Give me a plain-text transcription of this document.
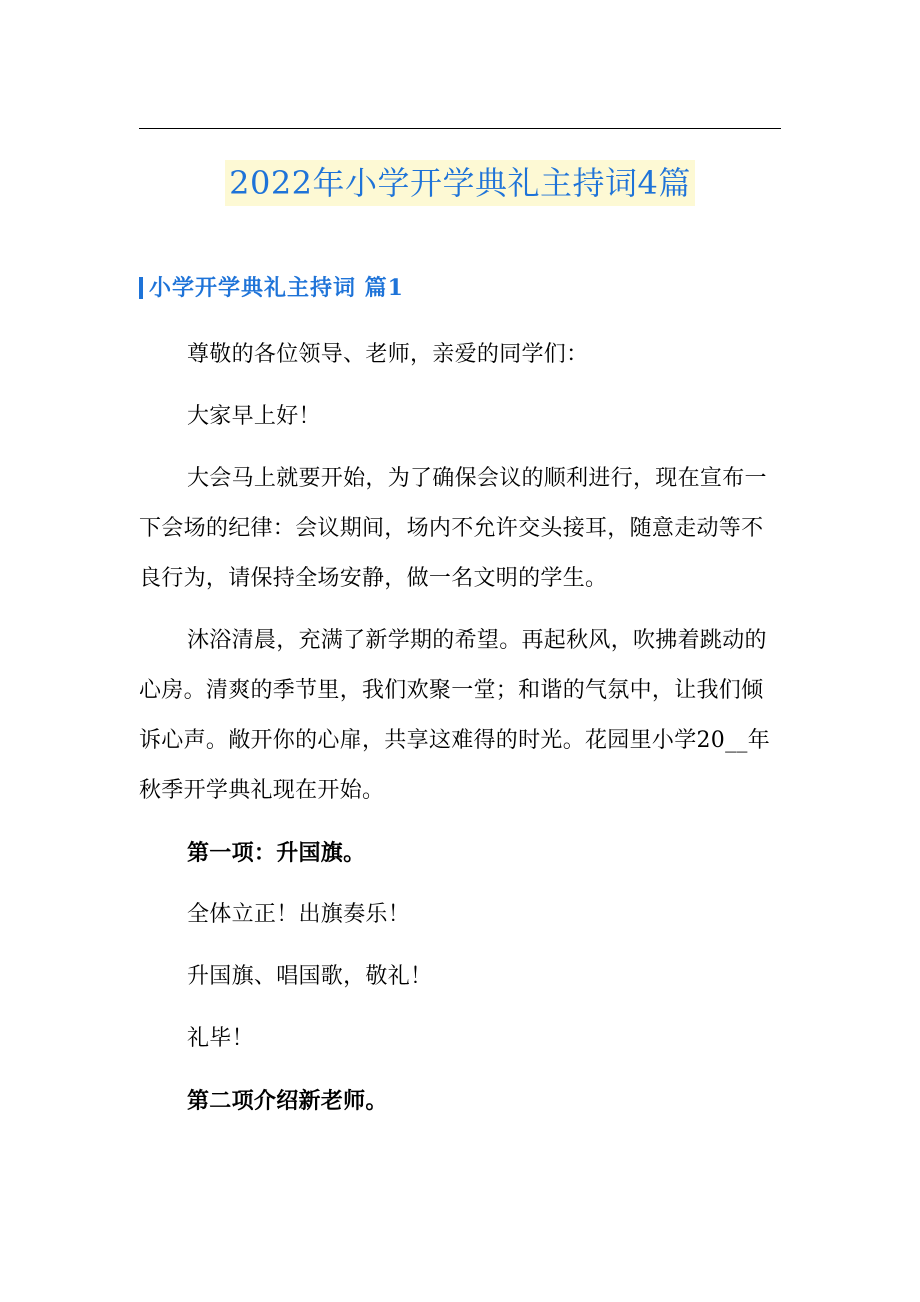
2022年小学开学典礼主持词4篇
小学开学典礼主持词 篇1

尊敬的各位领导、老师，亲爱的同学们：

大家早上好！

大会马上就要开始，为了确保会议的顺利进行，现在宣布一下会场的纪律：会议期间，场内不允许交头接耳，随意走动等不良行为，请保持全场安静，做一名文明的学生。

沐浴清晨，充满了新学期的希望。再起秋风，吹拂着跳动的心房。清爽的季节里，我们欢聚一堂；和谐的气氛中，让我们倾诉心声。敞开你的心扉，共享这难得的时光。花园里小学20__年秋季开学典礼现在开始。

第一项：升国旗。

全体立正！出旗奏乐！

升国旗、唱国歌，敬礼！

礼毕！

第二项介绍新老师。
